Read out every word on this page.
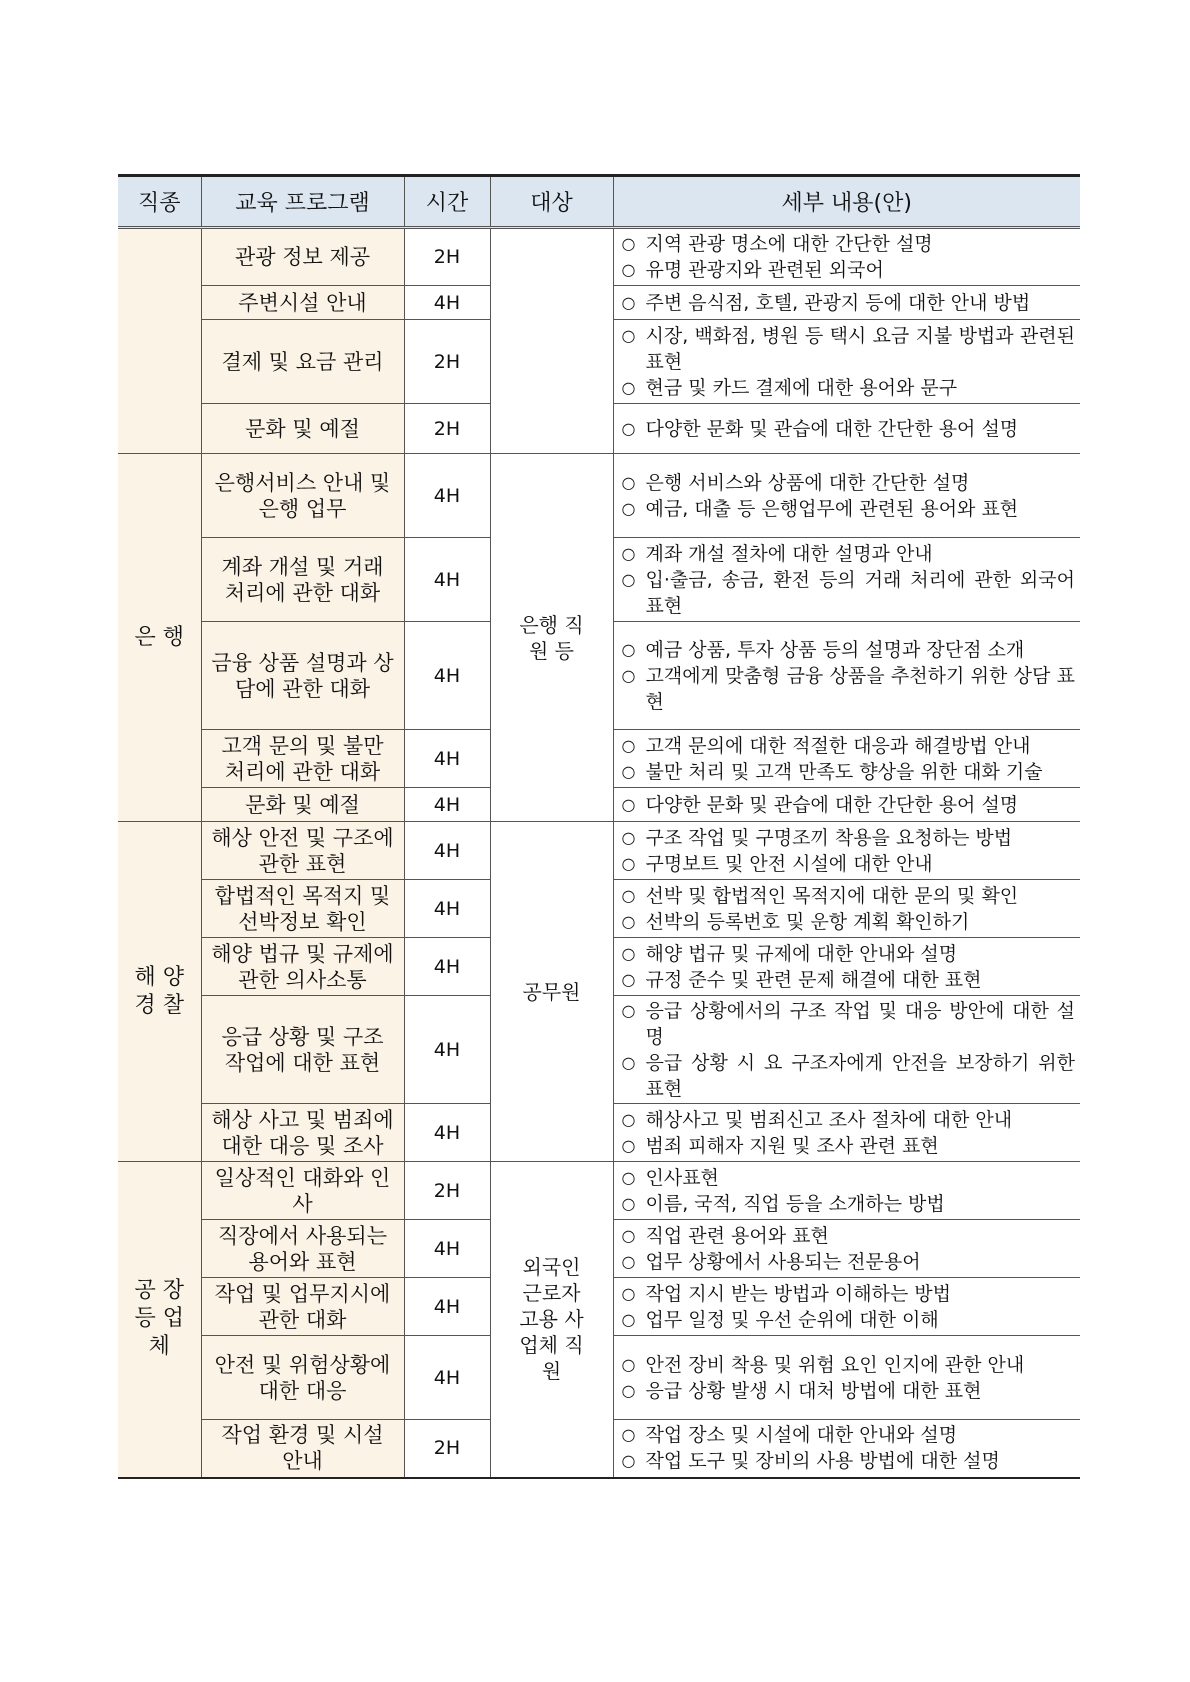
직종	교육 프로그램	시간	대상	세부 내용(안)
	관광 정보 제공	2H		○ 지역 관광 명소에 대한 간단한 설명
○ 유명 관광지와 관련된 외국어

	주변시설 안내	4H		○ 주변 음식점, 호텔, 관광지 등에 대한 안내 방법

	결제 및 요금 관리	2H		○ 시장, 백화점, 병원 등 택시 요금 지불 방법과 관련된 표현
○ 현금 및 카드 결제에 대한 용어와 문구

	문화 및 예절	2H		○ 다양한 문화 및 관습에 대한 간단한 용어 설명

은 행	은행서비스 안내 및 은행 업무	4H	은행 직원 등	○ 은행 서비스와 상품에 대한 간단한 설명
○ 예금, 대출 등 은행업무에 관련된 용어와 표현

	계좌 개설 및 거래 처리에 관한 대화	4H		○ 계좌 개설 절차에 대한 설명과 안내
○ 입·출금, 송금, 환전 등의 거래 처리에 관한 외국어 표현

	금융 상품 설명과 상담에 관한 대화	4H		○ 예금 상품, 투자 상품 등의 설명과 장단점 소개
○ 고객에게 맞춤형 금융 상품을 추천하기 위한 상담 표현

	고객 문의 및 불만 처리에 관한 대화	4H		○ 고객 문의에 대한 적절한 대응과 해결방법 안내
○ 불만 처리 및 고객 만족도 향상을 위한 대화 기술

	문화 및 예절	4H		○ 다양한 문화 및 관습에 대한 간단한 용어 설명

해 양 경 찰	해상 안전 및 구조에 관한 표현	4H	공무원	○ 구조 작업 및 구명조끼 착용을 요청하는 방법
○ 구명보트 및 안전 시설에 대한 안내

	합법적인 목적지 및 선박정보 확인	4H		○ 선박 및 합법적인 목적지에 대한 문의 및 확인
○ 선박의 등록번호 및 운항 계획 확인하기

	해양 법규 및 규제에 관한 의사소통	4H		○ 해양 법규 및 규제에 대한 안내와 설명
○ 규정 준수 및 관련 문제 해결에 대한 표현

	응급 상황 및 구조 작업에 대한 표현	4H		○ 응급 상황에서의 구조 작업 및 대응 방안에 대한 설명
○ 응급 상황 시 요 구조자에게 안전을 보장하기 위한 표현

	해상 사고 및 범죄에 대한 대응 및 조사	4H		○ 해상사고 및 범죄신고 조사 절차에 대한 안내
○ 범죄 피해자 지원 및 조사 관련 표현

공 장 등 업 체	일상적인 대화와 인사	2H	외국인 근로자 고용 사업체 직원	○ 인사표현
○ 이름, 국적, 직업 등을 소개하는 방법

	직장에서 사용되는 용어와 표현	4H		○ 직업 관련 용어와 표현
○ 업무 상황에서 사용되는 전문용어

	작업 및 업무지시에 관한 대화	4H		○ 작업 지시 받는 방법과 이해하는 방법
○ 업무 일정 및 우선 순위에 대한 이해

	안전 및 위험상황에 대한 대응	4H		○ 안전 장비 착용 및 위험 요인 인지에 관한 안내
○ 응급 상황 발생 시 대처 방법에 대한 표현

	작업 환경 및 시설 안내	2H		○ 작업 장소 및 시설에 대한 안내와 설명
○ 작업 도구 및 장비의 사용 방법에 대한 설명
